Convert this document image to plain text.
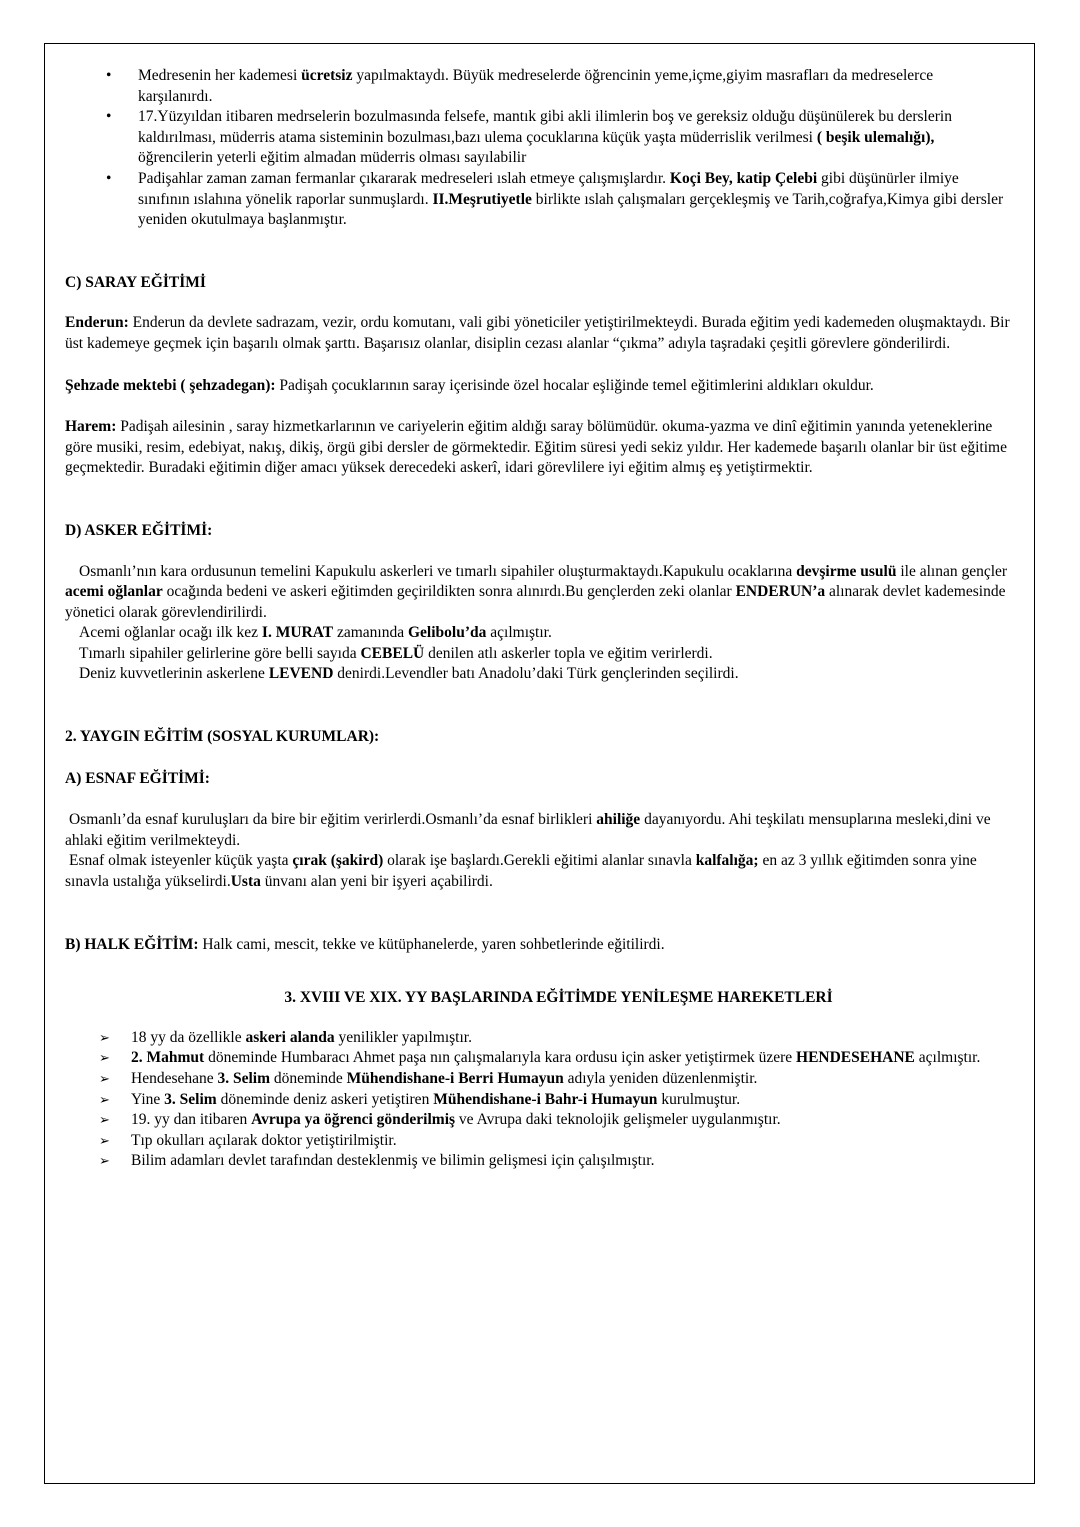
• Medresenin her kademesi ücretsiz yapılmaktaydı. Büyük medreselerde öğrencinin yeme,içme,giyim masrafları da medreselerce karşılanırdı.
• 17.Yüzyıldan itibaren medrselerin bozulmasında felsefe, mantık gibi akli ilimlerin boş ve gereksiz olduğu düşünülerek bu derslerin kaldırılması, müderris atama sisteminin bozulması,bazı ulema çocuklarına küçük yaşta müderrislik verilmesi ( beşik ulemalığı), öğrencilerin yeterli eğitim almadan müderris olması sayılabilir
• Padişahlar zaman zaman fermanlar çıkararak medreseleri ıslah etmeye çalışmışlardır. Koçi Bey, katip Çelebi gibi düşünürler ilmiye sınıfının ıslahına yönelik raporlar sunmuşlardı. II.Meşrutiyetle birlikte ıslah çalışmaları gerçekleşmiş ve Tarih,coğrafya,Kimya gibi dersler yeniden okutulmaya başlanmıştır.

C) SARAY EĞİTİMİ

Enderun: Enderun da devlete sadrazam, vezir, ordu komutanı, vali gibi yöneticiler yetiştirilmekteydi. Burada eğitim yedi kademeden oluşmaktaydı. Bir üst kademeye geçmek için başarılı olmak şarttı. Başarısız olanlar, disiplin cezası alanlar “çıkma” adıyla taşradaki çeşitli görevlere gönderilirdi.

Şehzade mektebi ( şehzadegan): Padişah çocuklarının saray içerisinde özel hocalar eşliğinde temel eğitimlerini aldıkları okuldur.

Harem: Padişah ailesinin , saray hizmetkarlarının ve cariyelerin eğitim aldığı saray bölümüdür. okuma-yazma ve dinî eğitimin yanında yeteneklerine göre musiki, resim, edebiyat, nakış, dikiş, örgü gibi dersler de görmektedir. Eğitim süresi yedi sekiz yıldır. Her kademede başarılı olanlar bir üst eğitime geçmektedir. Buradaki eğitimin diğer amacı yüksek derecedeki askerî, idari görevlilere iyi eğitim almış eş yetiştirmektir.

D) ASKER EĞİTİMİ:

Osmanlı’nın kara ordusunun temelini Kapukulu askerleri ve tımarlı sipahiler oluşturmaktaydı.Kapukulu ocaklarına devşirme usulü ile alınan gençler acemi oğlanlar ocağında bedeni ve askeri eğitimden geçirildikten sonra alınırdı.Bu gençlerden zeki olanlar ENDERUN’a alınarak devlet kademesinde yönetici olarak görevlendirilirdi.

Acemi oğlanlar ocağı ilk kez I. MURAT zamanında Gelibolu’da açılmıştır.

Tımarlı sipahiler gelirlerine göre belli sayıda CEBELÜ denilen atlı askerler topla ve eğitim verirlerdi.

Deniz kuvvetlerinin askerlene LEVEND denirdi.Levendler batı Anadolu’daki Türk gençlerinden seçilirdi.

2. YAYGIN EĞİTİM (SOSYAL KURUMLAR):

A) ESNAF EĞİTİMİ:

Osmanlı’da esnaf kuruluşları da bire bir eğitim verirlerdi.Osmanlı’da esnaf birlikleri ahiliğe dayanıyordu. Ahi teşkilatı mensuplarına mesleki,dini ve ahlaki eğitim verilmekteydi.

Esnaf olmak isteyenler küçük yaşta çırak (şakird) olarak işe başlardı.Gerekli eğitimi alanlar sınavla kalfalığa; en az 3 yıllık eğitimden sonra yine sınavla ustalığa yükselirdi.Usta ünvanı alan yeni bir işyeri açabilirdi.

B) HALK EĞİTİM: Halk cami, mescit, tekke ve kütüphanelerde, yaren sohbetlerinde eğitilirdi.

3. XVIII VE XIX. YY BAŞLARINDA EĞİTİMDE YENİLEŞME HAREKETLERİ

➢ 18 yy da özellikle askeri alanda yenilikler yapılmıştır.
➢ 2. Mahmut döneminde Humbaracı Ahmet paşa nın çalışmalarıyla kara ordusu için asker yetiştirmek üzere HENDESEHANE açılmıştır.
➢ Hendesehane 3. Selim döneminde Mühendishane-i Berri Humayun adıyla yeniden düzenlenmiştir.
➢ Yine 3. Selim döneminde deniz askeri yetiştiren Mühendishane-i Bahr-i Humayun kurulmuştur.
➢ 19. yy dan itibaren Avrupa ya öğrenci gönderilmiş ve Avrupa daki teknolojik gelişmeler uygulanmıştır.
➢ Tıp okulları açılarak doktor yetiştirilmiştir.
➢ Bilim adamları devlet tarafından desteklenmiş ve bilimin gelişmesi için çalışılmıştır.
